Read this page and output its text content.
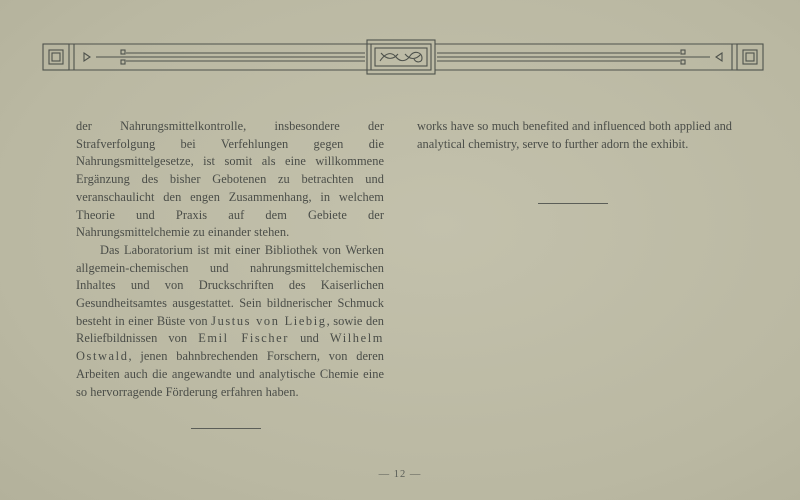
der Nahrungsmittelkontrolle, insbesondere der Strafverfolgung bei Verfehlungen gegen die Nahrungsmittelgesetze, ist somit als eine willkommene Ergänzung des bisher Gebotenen zu betrachten und veranschaulicht den engen Zusammenhang, in welchem Theorie und Praxis auf dem Gebiete der Nahrungsmittelchemie zu einander stehen.

Das Laboratorium ist mit einer Bibliothek von Werken allgemein-chemischen und nahrungsmittelchemischen Inhaltes und von Druckschriften des Kaiserlichen Gesundheitsamtes ausgestattet. Sein bildnerischer Schmuck besteht in einer Büste von Justus von Liebig, sowie den Reliefbildnissen von Emil Fischer und Wilhelm Ostwald, jenen bahnbrechenden Forschern, von deren Arbeiten auch die angewandte und analytische Chemie eine so hervorragende Förderung erfahren haben.

works have so much benefited and influenced both applied and analytical chemistry, serve to further adorn the exhibit.

— 12 —
